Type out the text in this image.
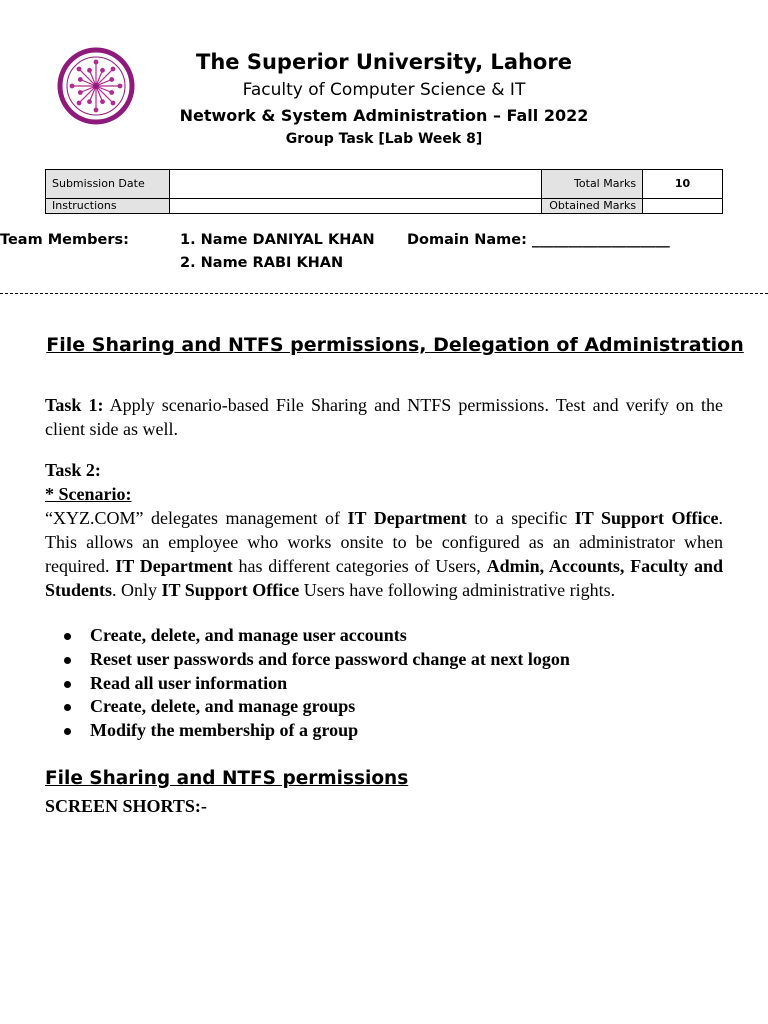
The Superior University, Lahore
Faculty of Computer Science & IT
Network & System Administration – Fall 2022
Group Task [Lab Week 8]
Submission Date		Total Marks	10
Instructions		Obtained Marks	
Team Members:	1. Name DANIYAL KHAN
2. Name RABI KHAN
Domain Name: ___________________
File Sharing and NTFS permissions, Delegation of Administration
Task 1: Apply scenario-based File Sharing and NTFS permissions. Test and verify on the client side as well.
Task 2:
* Scenario:
“XYZ.COM” delegates management of IT Department to a specific IT Support Office. This allows an employee who works onsite to be configured as an administrator when required. IT Department has different categories of Users, Admin, Accounts, Faculty and Students. Only IT Support Office Users have following administrative rights.
Create, delete, and manage user accounts
Reset user passwords and force password change at next logon
Read all user information
Create, delete, and manage groups
Modify the membership of a group
File Sharing and NTFS permissions
SCREEN SHORTS:-
